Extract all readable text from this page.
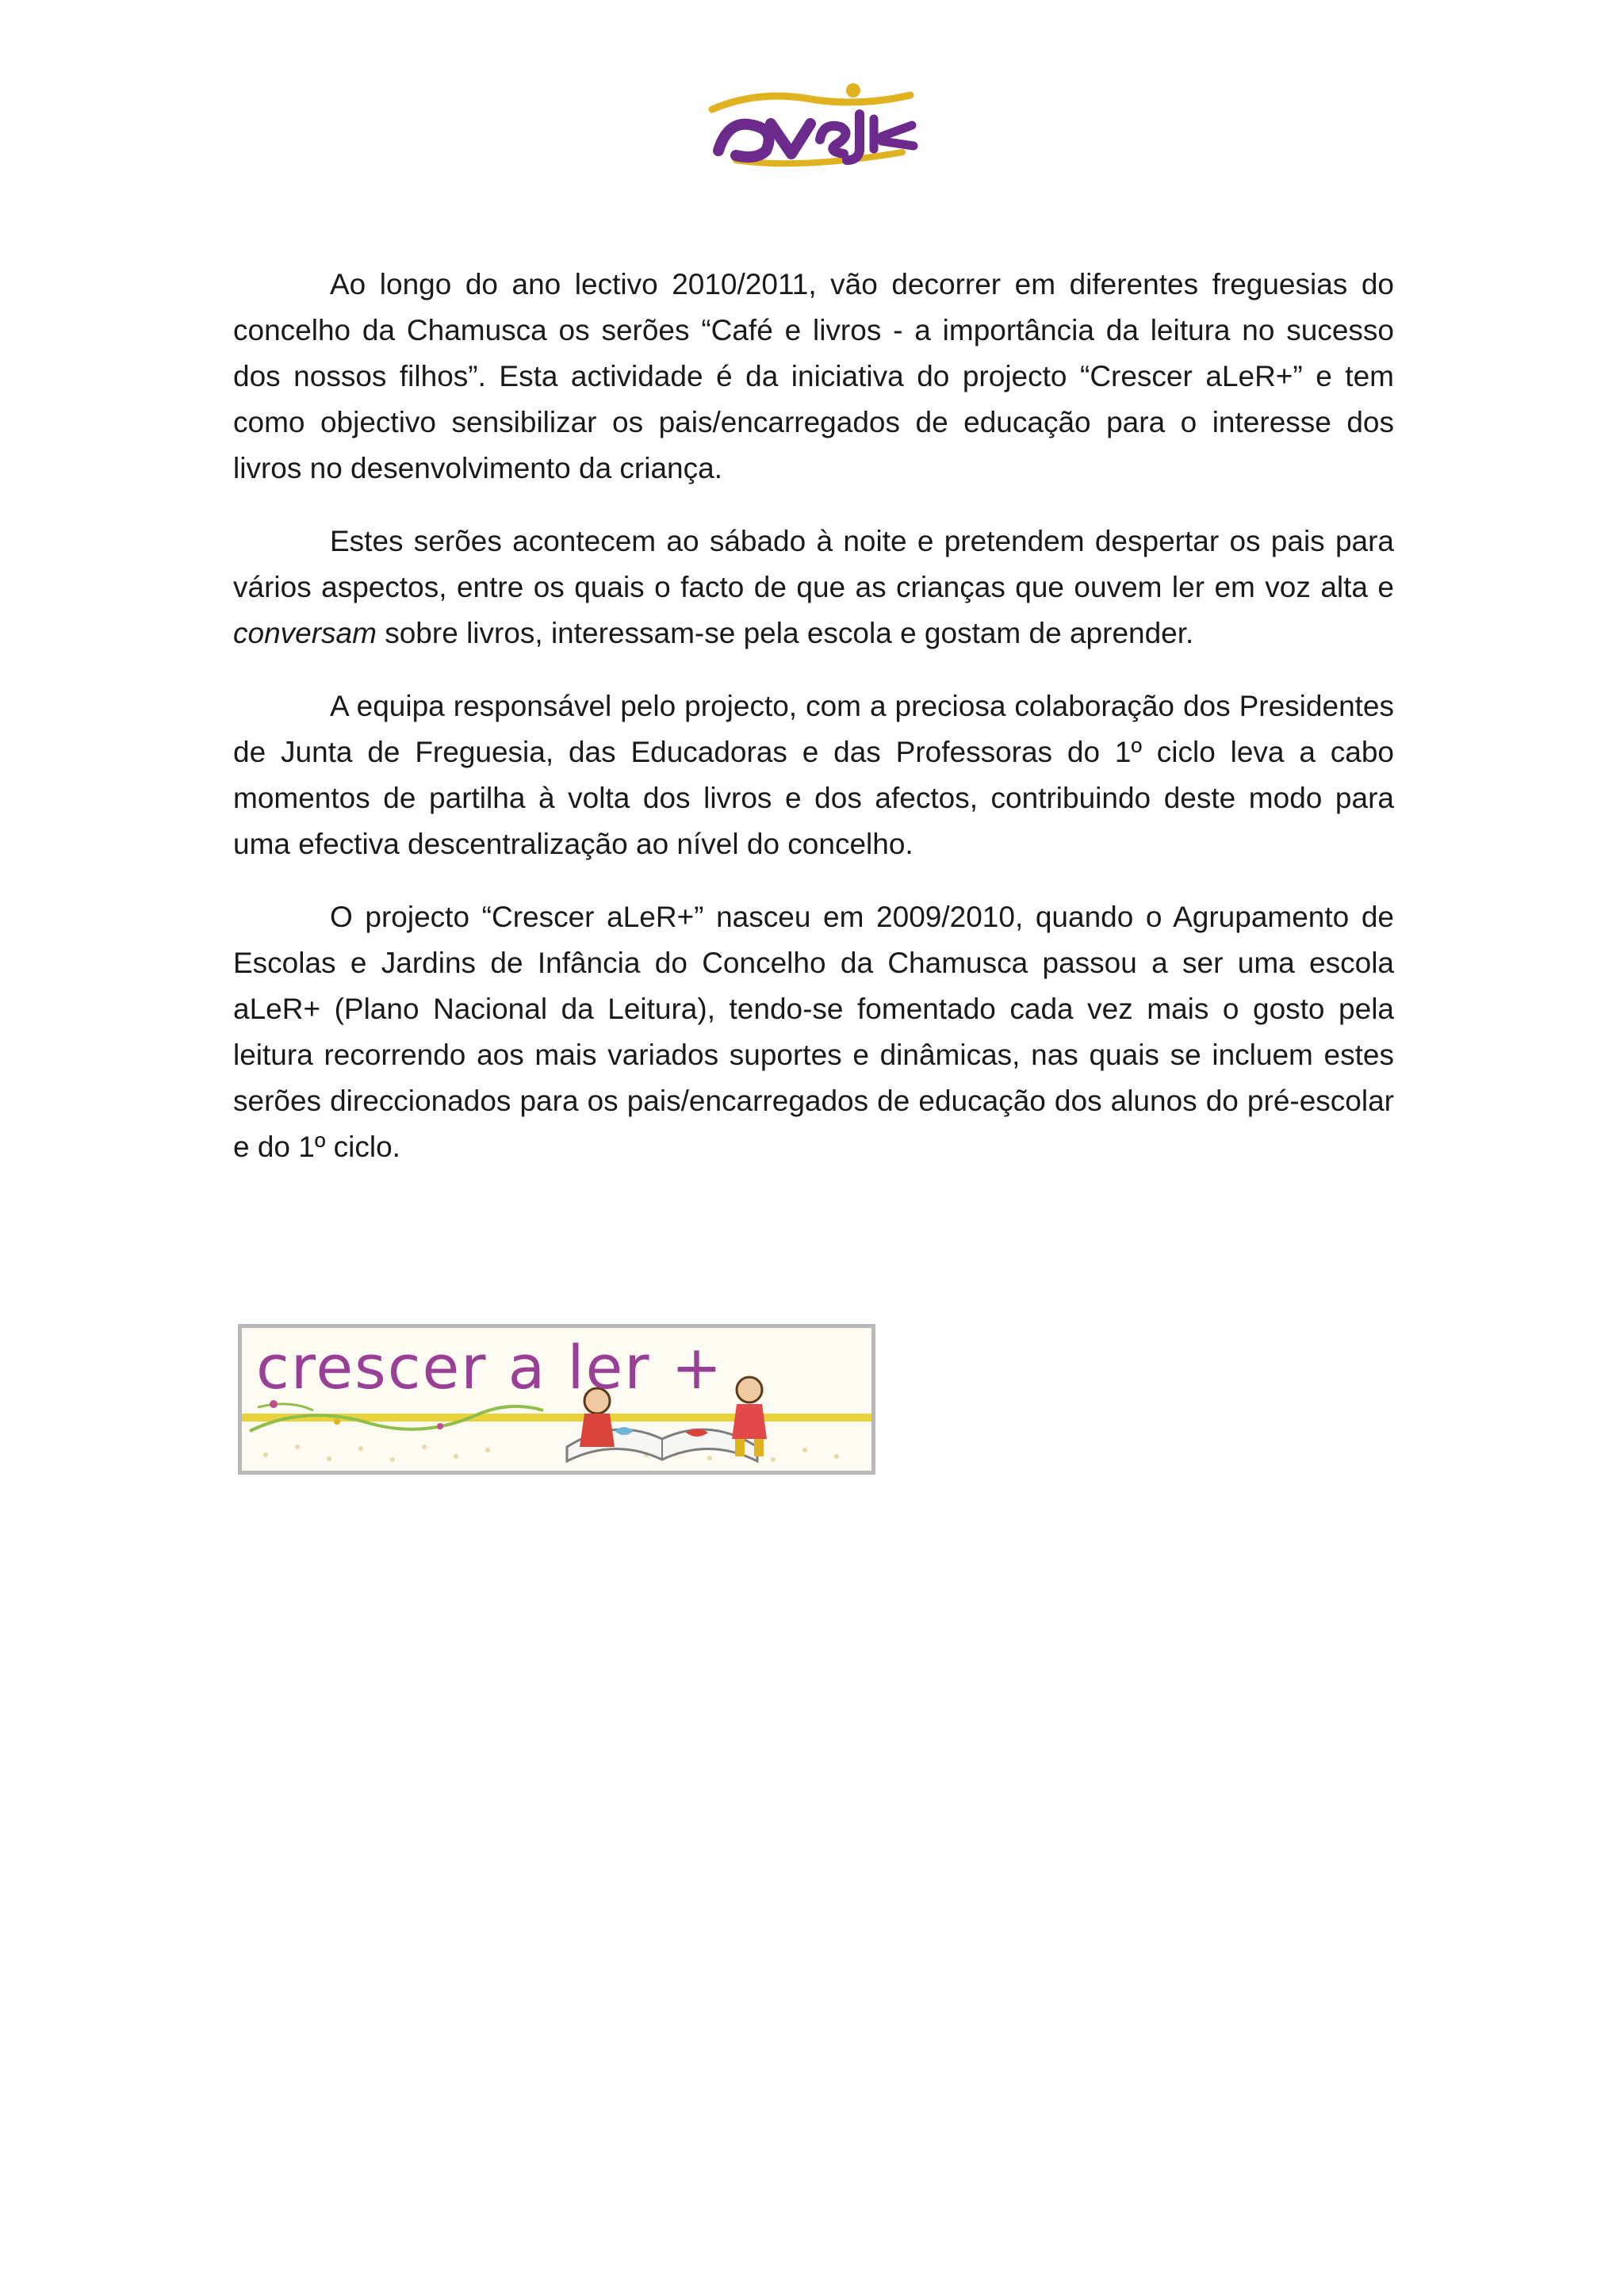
Ao longo do ano lectivo 2010/2011, vão decorrer em diferentes freguesias do concelho da Chamusca os serões “Café e livros - a importância da leitura no sucesso dos nossos filhos”. Esta actividade é da iniciativa do projecto “Crescer aLeR+” e tem como objectivo sensibilizar os pais/encarregados de educação para o interesse dos livros no desenvolvimento da criança.

Estes serões acontecem ao sábado à noite e pretendem despertar os pais para vários aspectos, entre os quais o facto de que as crianças que ouvem ler em voz alta e conversam sobre livros, interessam-se pela escola e gostam de aprender.

A equipa responsável pelo projecto, com a preciosa colaboração dos Presidentes de Junta de Freguesia, das Educadoras e das Professoras do 1º ciclo leva a cabo momentos de partilha à volta dos livros e dos afectos, contribuindo deste modo para uma efectiva descentralização ao nível do concelho.

O projecto “Crescer aLeR+” nasceu em 2009/2010, quando o Agrupamento de Escolas e Jardins de Infância do Concelho da Chamusca passou a ser uma escola aLeR+ (Plano Nacional da Leitura), tendo-se fomentado cada vez mais o gosto pela leitura recorrendo aos mais variados suportes e dinâmicas, nas quais se incluem estes serões direccionados para os pais/encarregados de educação dos alunos do pré-escolar e do 1º ciclo.

crescer a ler +
